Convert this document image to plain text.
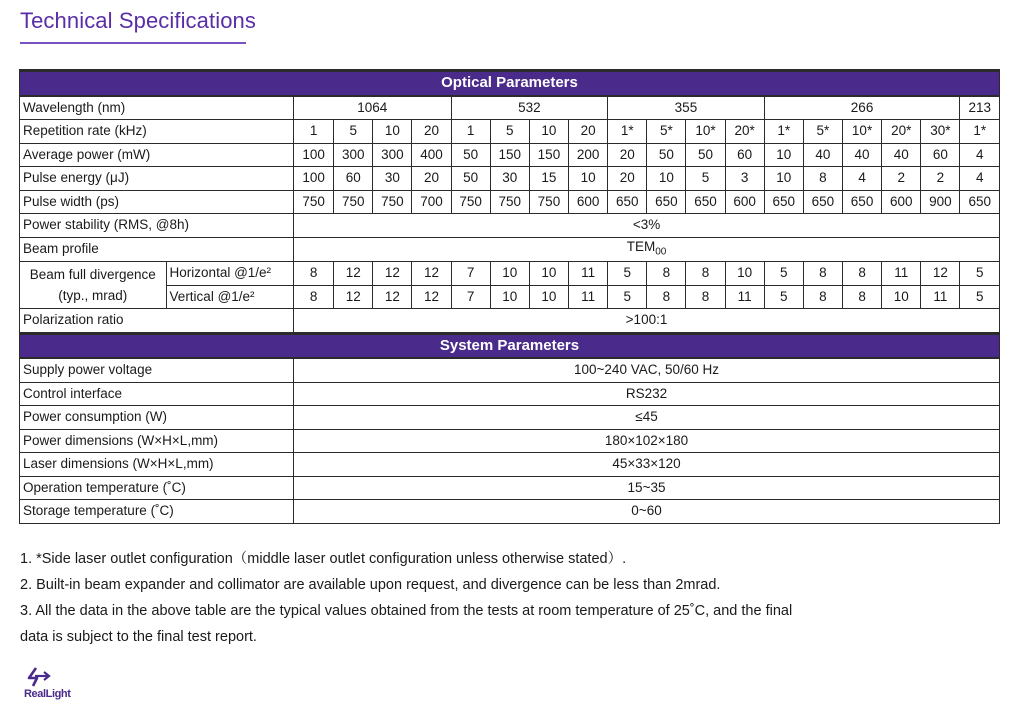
Technical Specifications
Optical Parameters																			
Wavelength (nm)		1064				532				355				266					213
Repetition rate (kHz)		1	5	10	20	1	5	10	20	1*	5*	10*	20*	1*	5*	10*	20*	30*	1*
Average power (mW)		100	300	300	400	50	150	150	200	20	50	50	60	10	40	40	40	60	4
Pulse energy (μJ)		100	60	30	20	50	30	15	10	20	10	5	3	10	8	4	2	2	4
Pulse width (ps)		750	750	750	700	750	750	750	600	650	650	650	600	650	650	650	600	900	650
Power stability (RMS, @8h)		<3%																	
Beam profile		$TEM_{00}$

Beam full divergence
(typ., mrad)	Horizontal @1/e²	8	12	12	12	7	10	10	11	5	8	8	10	5	8	8	11	12	5
	Vertical @1/e²	8	12	12	12	7	10	10	11	5	8	8	11	5	8	8	10	11	5
Polarization ratio		>100:1																	
System Parameters																			
Supply power voltage		100~240 VAC, 50/60 Hz																	
Control interface		RS232																	
Power consumption (W)		≤45																	
Power dimensions (W×H×L,mm)		180×102×180																	
Laser dimensions (W×H×L,mm)		45×33×120																	
Operation temperature (˚C)		15~35																	
Storage temperature (˚C)		0~60																	

1. *Side laser outlet configuration（middle laser outlet configuration unless otherwise stated）.

2. Built-in beam expander and collimator are available upon request, and divergence can be less than 2mrad.

3. All the data in the above table are the typical values obtained from the tests at room temperature of 25˚C, and the final

data is subject to the final test report.

RealLight
